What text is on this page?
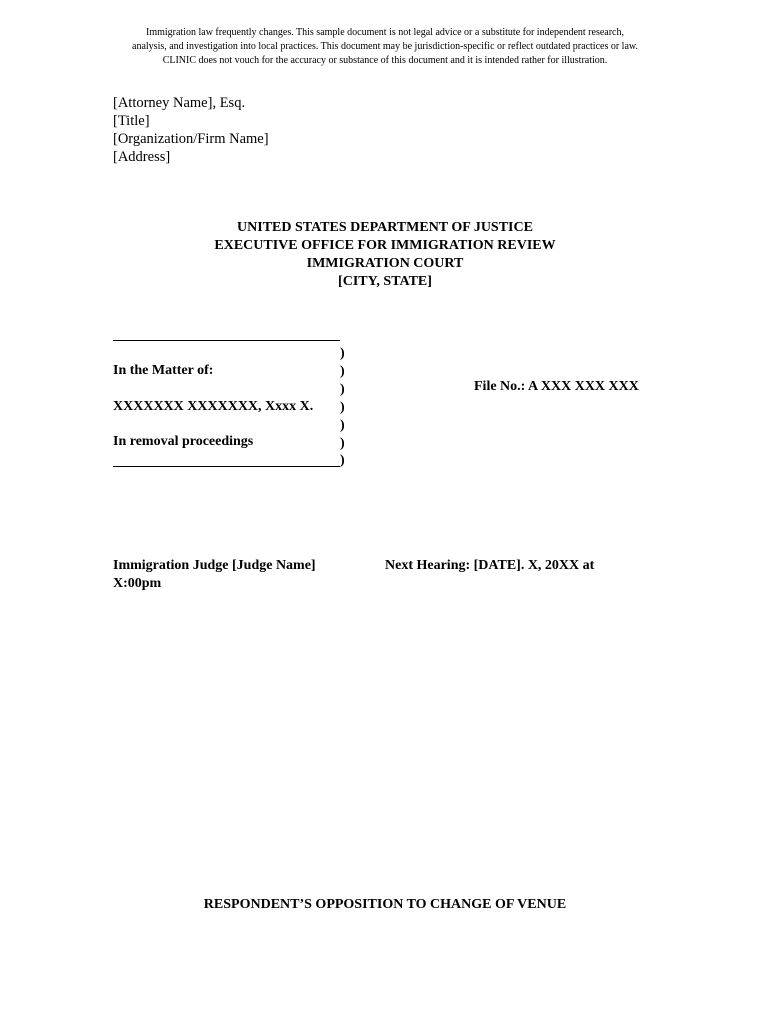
Immigration law frequently changes. This sample document is not legal advice or a substitute for independent research,
analysis, and investigation into local practices. This document may be jurisdiction-specific or reflect outdated practices or law.
CLINIC does not vouch for the accuracy or substance of this document and it is intended rather for illustration.
[Attorney Name], Esq.
[Title]
[Organization/Firm Name]
[Address]
UNITED STATES DEPARTMENT OF JUSTICE
EXECUTIVE OFFICE FOR IMMIGRATION REVIEW
IMMIGRATION COURT
[CITY, STATE]
)
)
)
)
)
)
)
In the Matter of:
XXXXXXX XXXXXXX, Xxxx X.
In removal proceedings
File No.: A XXX XXX XXX
Immigration Judge [Judge Name] X:00pm
Next Hearing: [DATE]. X, 20XX at
RESPONDENT’S OPPOSITION TO CHANGE OF VENUE
